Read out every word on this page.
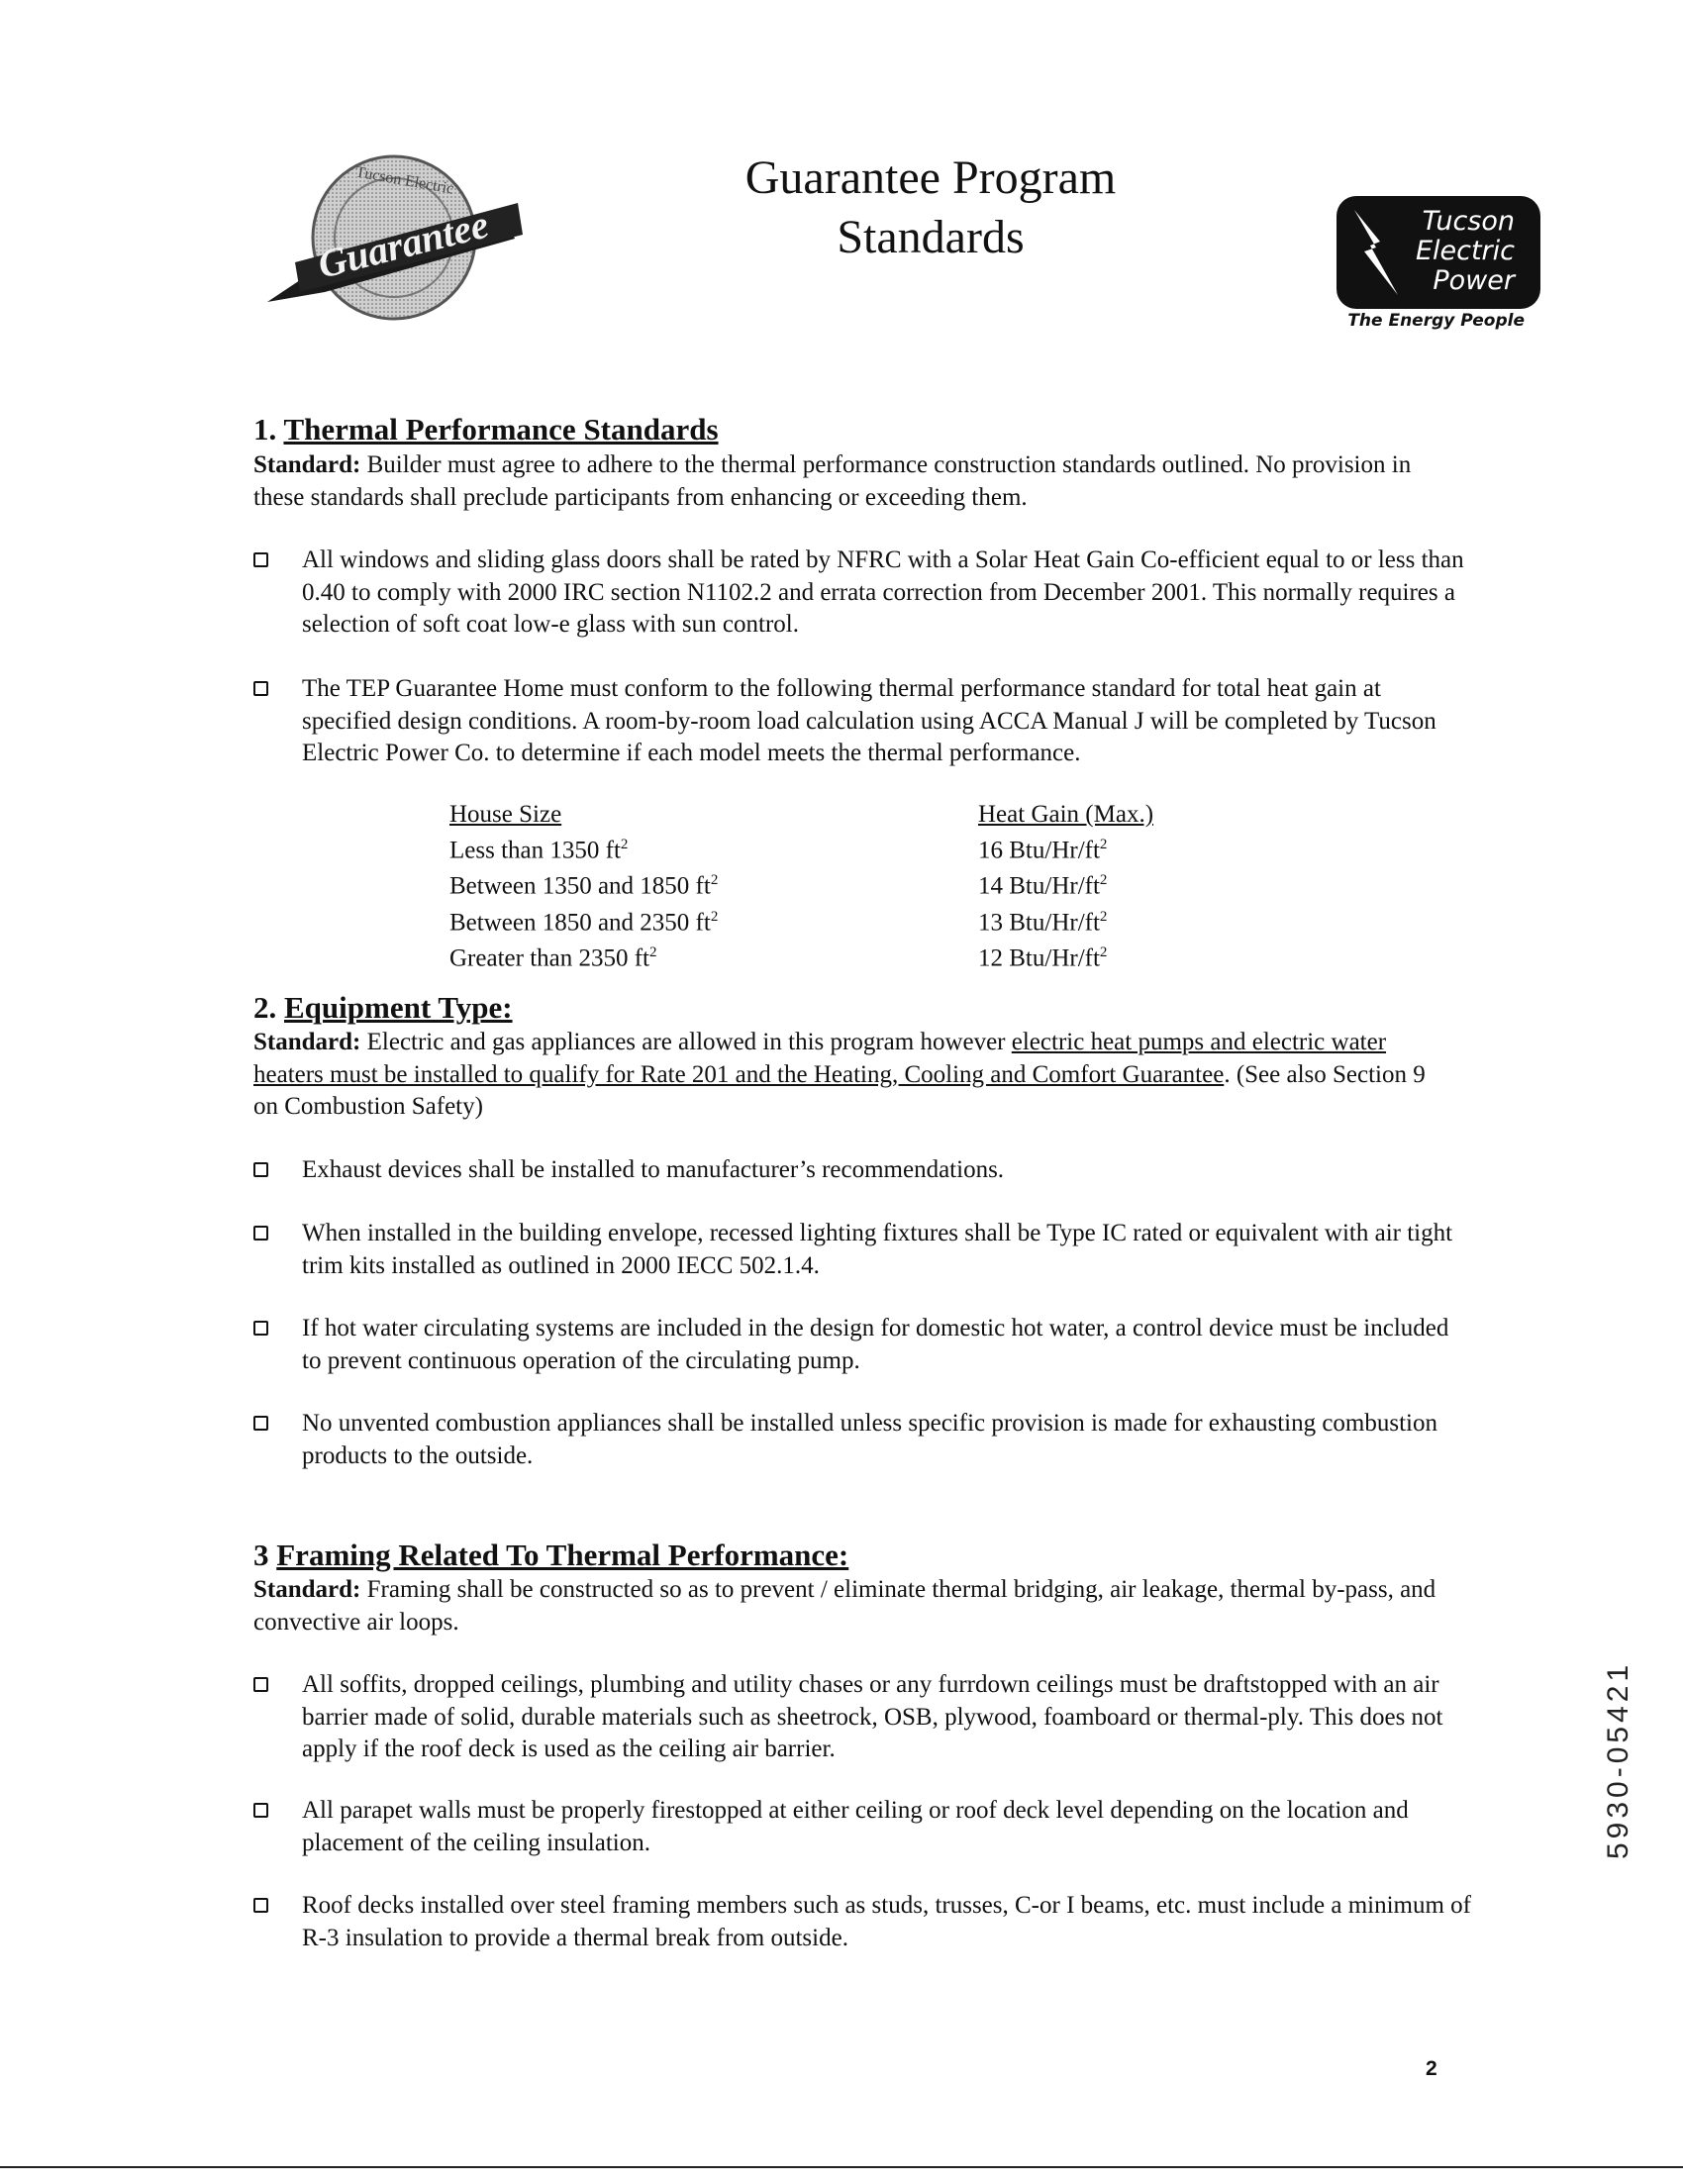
Guarantee
Tucson Electric	Guarantee Program
Standards	Tucson
Electric
Power
The Energy People
1. Thermal Performance Standards
Standard: Builder must agree to adhere to the thermal performance construction standards outlined. No provision in these standards shall preclude participants from enhancing or exceeding them.
All windows and sliding glass doors shall be rated by NFRC with a Solar Heat Gain Co-efficient equal to or less than 0.40 to comply with 2000 IRC section N1102.2 and errata correction from December 2001. This normally requires a selection of soft coat low-e glass with sun control.
The TEP Guarantee Home must conform to the following thermal performance standard for total heat gain at specified design conditions. A room-by-room load calculation using ACCA Manual J will be completed by Tucson Electric Power Co. to determine if each model meets the thermal performance.
House Size
Less than 1350 $ft^2$
Between 1350 and 1850 $ft^2$
Between 1850 and 2350 $ft^2$
Greater than 2350 $ft^2$
Heat Gain (Max.)
16 Btu/$Hr/ft^2$
14 Btu/$Hr/ft^2$
13 Btu/$Hr/ft^2$
12 Btu/$Hr/ft^2$
2. Equipment Type:
Standard: Electric and gas appliances are allowed in this program however electric heat pumps and electric water heaters must be installed to qualify for Rate 201 and the Heating, Cooling and Comfort Guarantee. (See also Section 9 on Combustion Safety)
Exhaust devices shall be installed to manufacturer’s recommendations.
When installed in the building envelope, recessed lighting fixtures shall be Type IC rated or equivalent with air tight trim kits installed as outlined in 2000 IECC 502.1.4.
If hot water circulating systems are included in the design for domestic hot water, a control device must be included to prevent continuous operation of the circulating pump.
No unvented combustion appliances shall be installed unless specific provision is made for exhausting combustion products to the outside.
3 Framing Related To Thermal Performance:
Standard: Framing shall be constructed so as to prevent / eliminate thermal bridging, air leakage, thermal by-pass, and convective air loops.
All soffits, dropped ceilings, plumbing and utility chases or any furrdown ceilings must be draftstopped with an air barrier made of solid, durable materials such as sheetrock, OSB, plywood, foamboard or thermal-ply. This does not apply if the roof deck is used as the ceiling air barrier.
All parapet walls must be properly firestopped at either ceiling or roof deck level depending on the location and placement of the ceiling insulation.
Roof decks installed over steel framing members such as studs, trusses, C-or I beams, etc. must include a minimum of R-3 insulation to provide a thermal break from outside.
5930-05421
2
